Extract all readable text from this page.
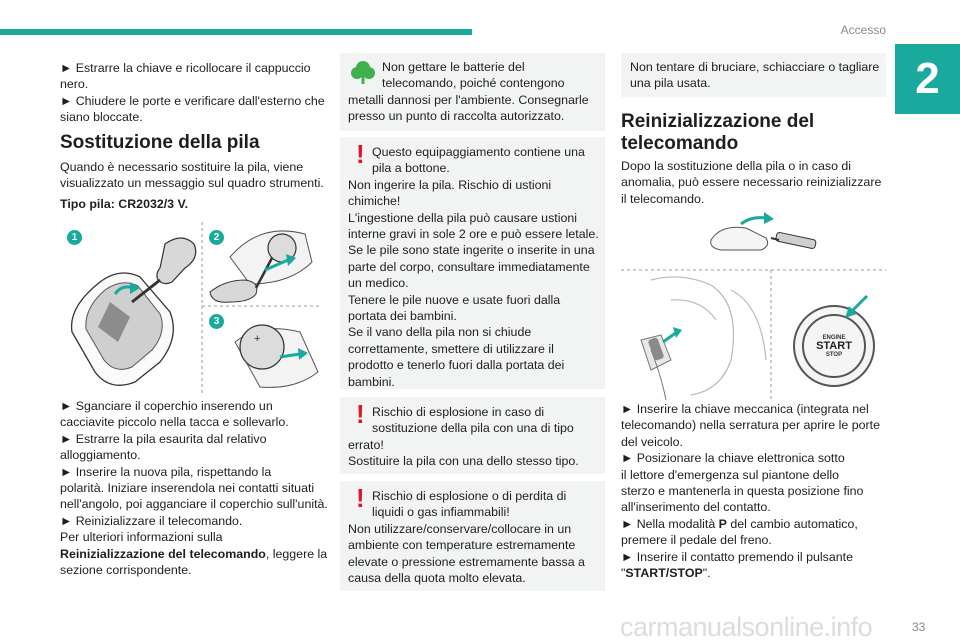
Accesso
2
► Estrarre la chiave e ricollocare il cappuccio
nero.
► Chiudere le porte e verificare dall'esterno che
siano bloccate.
Sostituzione della pila
Quando è necessario sostituire la pila, viene
visualizzato un messaggio sul quadro strumenti.
Tipo pila: CR2032/3 V.
+
1	2
3
► Sganciare il coperchio inserendo un
cacciavite piccolo nella tacca e sollevarlo.
► Estrarre la pila esaurita dal relativo
alloggiamento.
► Inserire la nuova pila, rispettando la
polarità. Iniziare inserendola nei contatti situati
nell'angolo, poi agganciare il coperchio sull'unità.
► Reinizializzare il telecomando.
Per ulteriori informazioni sulla
Reinizializzazione del telecomando, leggere la
sezione corrispondente.
Non gettare le batterie del
telecomando, poiché contengono
metalli dannosi per l'ambiente. Consegnarle
presso un punto di raccolta autorizzato.
! Questo equipaggiamento contiene una
pila a bottone.
Non ingerire la pila. Rischio di ustioni
chimiche!
L'ingestione della pila può causare ustioni
interne gravi in sole 2 ore e può essere letale.
Se le pile sono state ingerite o inserite in una
parte del corpo, consultare immediatamente
un medico.
Tenere le pile nuove e usate fuori dalla
portata dei bambini.
Se il vano della pila non si chiude
correttamente, smettere di utilizzare il
prodotto e tenerlo fuori dalla portata dei
bambini.
! Rischio di esplosione in caso di
sostituzione della pila con una di tipo
errato!
Sostituire la pila con una dello stesso tipo.
! Rischio di esplosione o di perdita di
liquidi o gas infiammabili!
Non utilizzare/conservare/collocare in un
ambiente con temperature estremamente
elevate o pressione estremamente bassa a
causa della quota molto elevata.
Non tentare di bruciare, schiacciare o tagliare
una pila usata.
Reinizializzazione del
telecomando
Dopo la sostituzione della pila o in caso di
anomalia, può essere necessario reinizializzare
il telecomando.
ENGINE
START
STOP
► Inserire la chiave meccanica (integrata nel
telecomando) nella serratura per aprire le porte
del veicolo.
► Posizionare la chiave elettronica sotto
il lettore d'emergenza sul piantone dello
sterzo e mantenerla in questa posizione fino
all'inserimento del contatto.
► Nella modalità P del cambio automatico,
premere il pedale del freno.
► Inserire il contatto premendo il pulsante
"START/STOP".
carmanualsonline.info	33
